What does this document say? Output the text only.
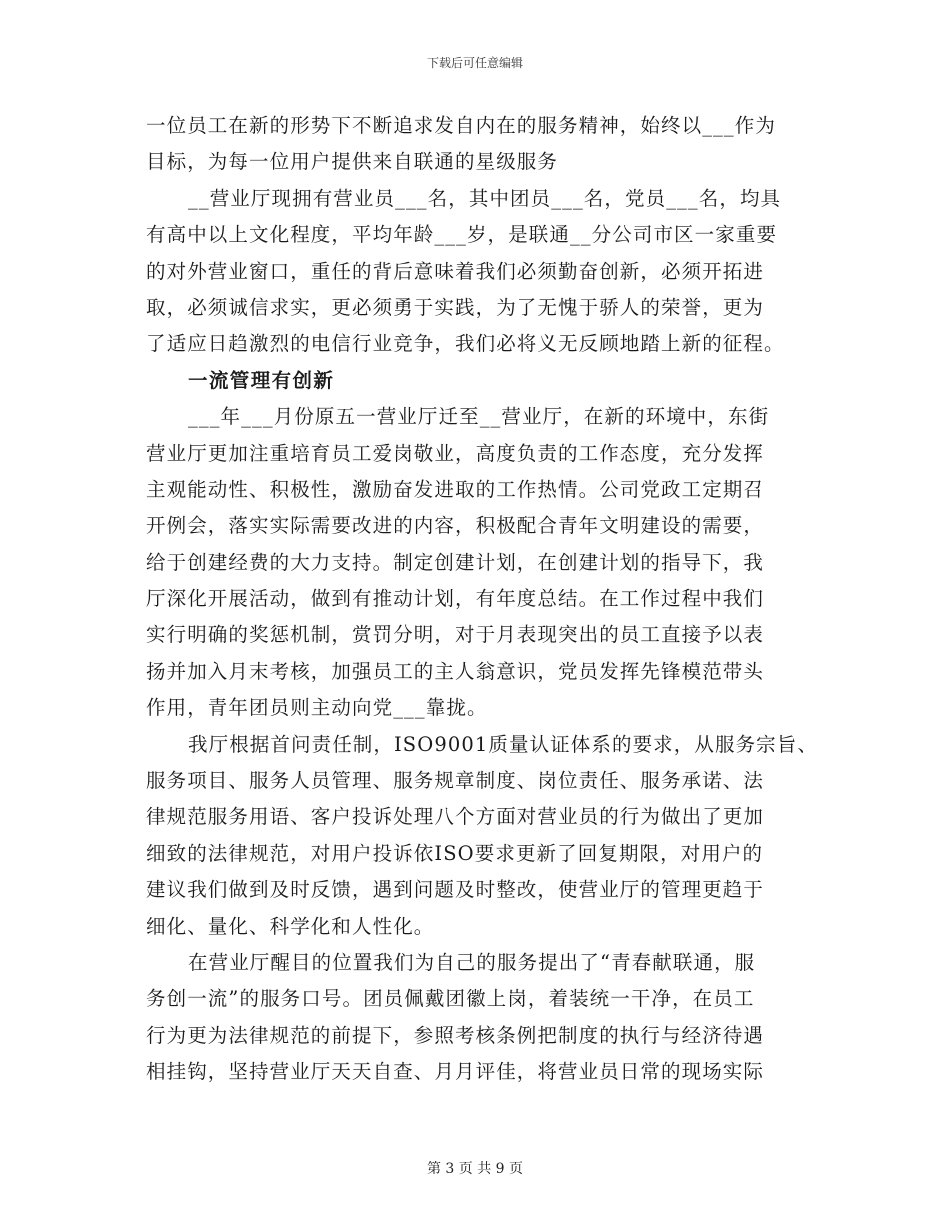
下载后可任意编辑
一位员工在新的形势下不断追求发自内在的服务精神，始终以___作为
目标，为每一位用户提供来自联通的星级服务
__营业厅现拥有营业员___名，其中团员___名，党员___名，均具
有高中以上文化程度，平均年龄___岁，是联通__分公司市区一家重要
的对外营业窗口，重任的背后意味着我们必须勤奋创新，必须开拓进
取，必须诚信求实，更必须勇于实践，为了无愧于骄人的荣誉，更为
了适应日趋激烈的电信行业竞争，我们必将义无反顾地踏上新的征程。
一流管理有创新
___年___月份原五一营业厅迁至__营业厅，在新的环境中，东街
营业厅更加注重培育员工爱岗敬业，高度负责的工作态度，充分发挥
主观能动性、积极性，激励奋发进取的工作热情。公司党政工定期召
开例会，落实实际需要改进的内容，积极配合青年文明建设的需要，
给于创建经费的大力支持。制定创建计划，在创建计划的指导下，我
厅深化开展活动，做到有推动计划，有年度总结。在工作过程中我们
实行明确的奖惩机制，赏罚分明，对于月表现突出的员工直接予以表
扬并加入月末考核，加强员工的主人翁意识，党员发挥先锋模范带头
作用，青年团员则主动向党___靠拢。
我厅根据首问责任制，ISO9001质量认证体系的要求，从服务宗旨、
服务项目、服务人员管理、服务规章制度、岗位责任、服务承诺、法
律规范服务用语、客户投诉处理八个方面对营业员的行为做出了更加
细致的法律规范，对用户投诉依ISO要求更新了回复期限，对用户的
建议我们做到及时反馈，遇到问题及时整改，使营业厅的管理更趋于
细化、量化、科学化和人性化。
在营业厅醒目的位置我们为自己的服务提出了“青春献联通，服
务创一流”的服务口号。团员佩戴团徽上岗，着装统一干净，在员工
行为更为法律规范的前提下，参照考核条例把制度的执行与经济待遇
相挂钩，坚持营业厅天天自查、月月评佳，将营业员日常的现场实际
第 3 页 共 9 页
